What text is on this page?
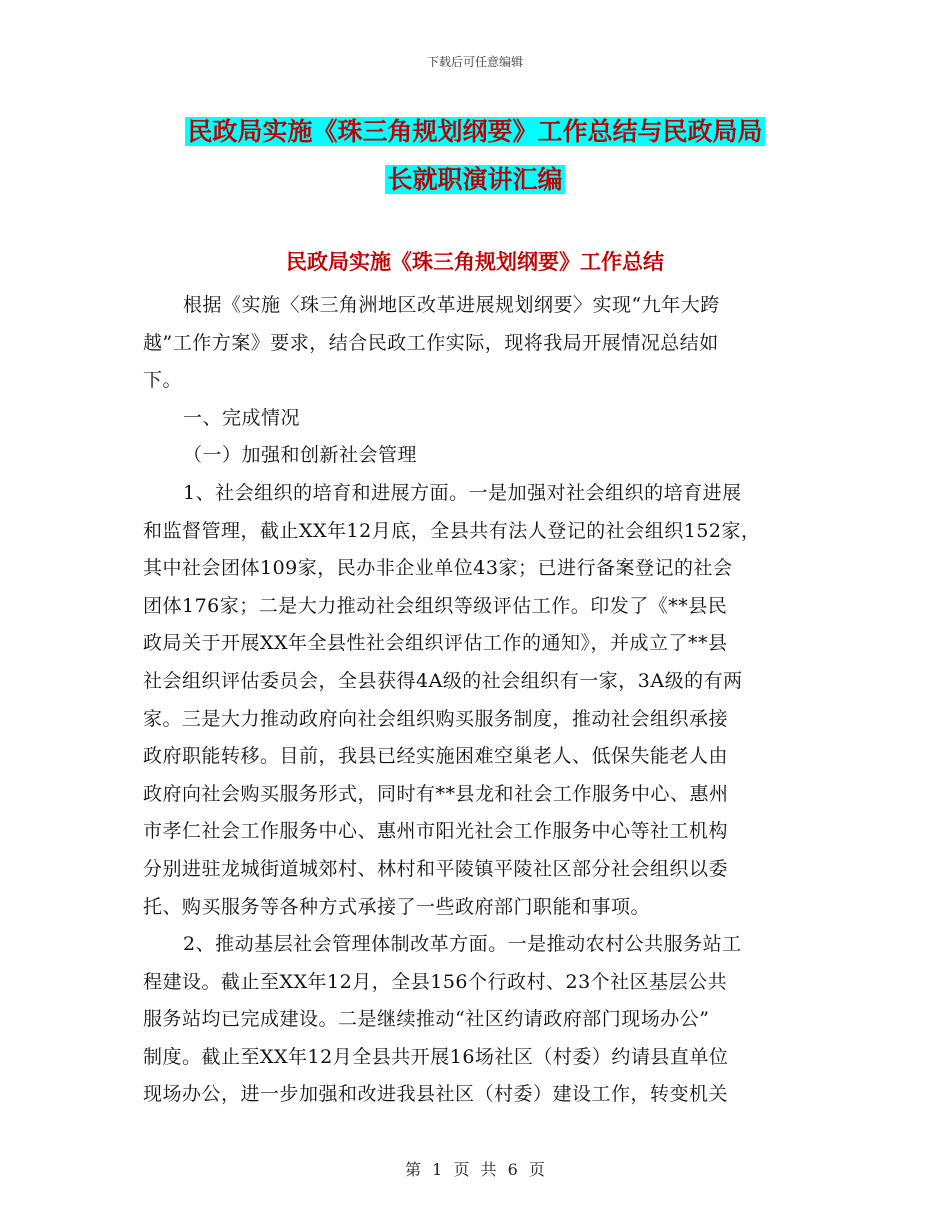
下载后可任意编辑
民政局实施《珠三角规划纲要》工作总结与民政局局
长就职演讲汇编
民政局实施《珠三角规划纲要》工作总结
根据《实施〈珠三角洲地区改革进展规划纲要〉实现“九年大跨
越”工作方案》要求，结合民政工作实际，现将我局开展情况总结如
下。
一、完成情况
（一）加强和创新社会管理
1、社会组织的培育和进展方面。一是加强对社会组织的培育进展
和监督管理，截止XX年12月底，全县共有法人登记的社会组织152家，
其中社会团体109家，民办非企业单位43家；已进行备案登记的社会
团体176家；二是大力推动社会组织等级评估工作。印发了《**县民
政局关于开展XX年全县性社会组织评估工作的通知》，并成立了**县
社会组织评估委员会，全县获得4A级的社会组织有一家，3A级的有两
家。三是大力推动政府向社会组织购买服务制度，推动社会组织承接
政府职能转移。目前，我县已经实施困难空巢老人、低保失能老人由
政府向社会购买服务形式，同时有**县龙和社会工作服务中心、惠州
市孝仁社会工作服务中心、惠州市阳光社会工作服务中心等社工机构
分别进驻龙城街道城郊村、林村和平陵镇平陵社区部分社会组织以委
托、购买服务等各种方式承接了一些政府部门职能和事项。
2、推动基层社会管理体制改革方面。一是推动农村公共服务站工
程建设。截止至XX年12月，全县156个行政村、23个社区基层公共
服务站均已完成建设。二是继续推动“社区约请政府部门现场办公”
制度。截止至XX年12月全县共开展16场社区（村委）约请县直单位
现场办公，进一步加强和改进我县社区（村委）建设工作，转变机关
第 1 页 共 6 页
